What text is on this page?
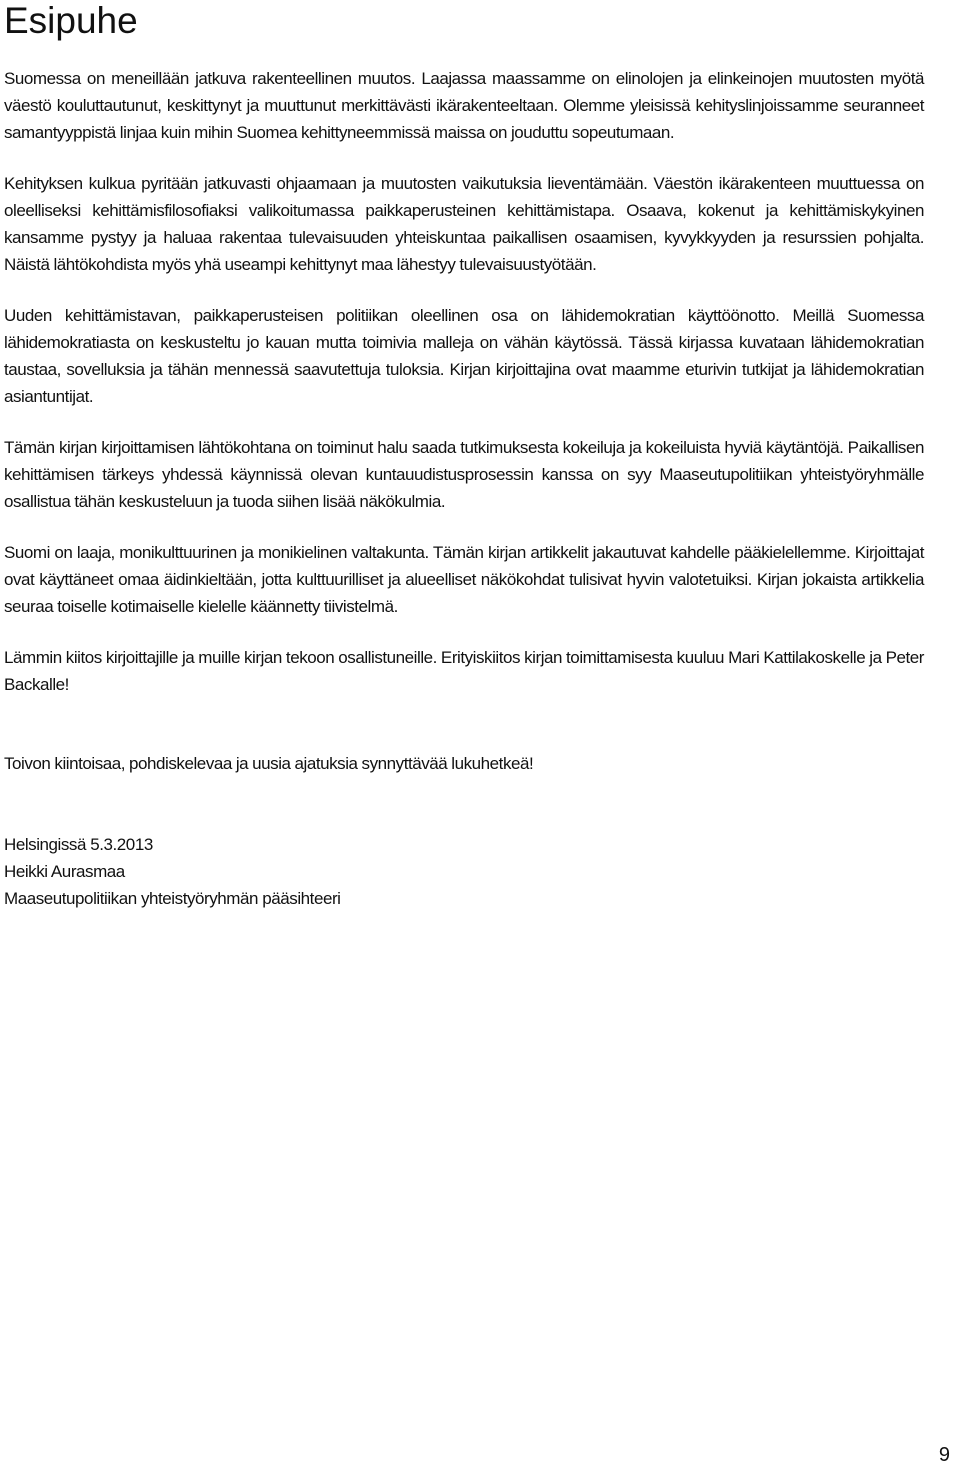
Esipuhe

Suomessa on meneillään jatkuva rakenteellinen muutos. Laajassa maassamme on elinolojen ja elinkeinojen muutosten myötä väestö kouluttautunut, keskittynyt ja muuttunut merkittävästi ikärakenteeltaan. Olemme yleisissä kehityslinjoissamme seuranneet samantyyppistä linjaa kuin mihin Suomea kehittyneemmissä maissa on jouduttu sopeutumaan.

Kehityksen kulkua pyritään jatkuvasti ohjaamaan ja muutosten vaikutuksia lieventämään. Väestön ikärakenteen muuttuessa on oleelliseksi kehittämisfilosofiaksi valikoitumassa paikkaperusteinen kehittämistapa. Osaava, kokenut ja kehittämiskykyinen kansamme pystyy ja haluaa rakentaa tulevaisuuden yhteiskuntaa paikallisen osaamisen, kyvykkyyden ja resurssien pohjalta. Näistä lähtökohdista myös yhä useampi kehittynyt maa lähestyy tulevaisuustyötään.

Uuden kehittämistavan, paikkaperusteisen politiikan oleellinen osa on lähidemokratian käyttöönotto. Meillä Suomessa lähidemokratiasta on keskusteltu jo kauan mutta toimivia malleja on vähän käytössä. Tässä kirjassa kuvataan lähidemokratian taustaa, sovelluksia ja tähän mennessä saavutettuja tuloksia. Kirjan kirjoittajina ovat maamme eturivin tutkijat ja lähidemokratian asiantuntijat.

Tämän kirjan kirjoittamisen lähtökohtana on toiminut halu saada tutkimuksesta kokeiluja ja kokeiluista hyviä käytäntöjä. Paikallisen kehittämisen tärkeys yhdessä käynnissä olevan kuntauudistusprosessin kanssa on syy Maaseutupolitiikan yhteistyöryhmälle osallistua tähän keskusteluun ja tuoda siihen lisää näkökulmia.

Suomi on laaja, monikulttuurinen ja monikielinen valtakunta. Tämän kirjan artikkelit jakautuvat kahdelle pääkielellemme. Kirjoittajat ovat käyttäneet omaa äidinkieltään, jotta kulttuurilliset ja alueelliset näkökohdat tulisivat hyvin valotetuiksi. Kirjan jokaista artikkelia seuraa toiselle kotimaiselle kielelle käännetty tiivistelmä.

Lämmin kiitos kirjoittajille ja muille kirjan tekoon osallistuneille. Erityiskiitos kirjan toimittamisesta kuuluu Mari Kattilakoskelle ja Peter Backalle!

Toivon kiintoisaa, pohdiskelevaa ja uusia ajatuksia synnyttävää lukuhetkeä!

Helsingissä 5.3.2013
Heikki Aurasmaa
Maaseutupolitiikan yhteistyöryhmän pääsihteeri
9
